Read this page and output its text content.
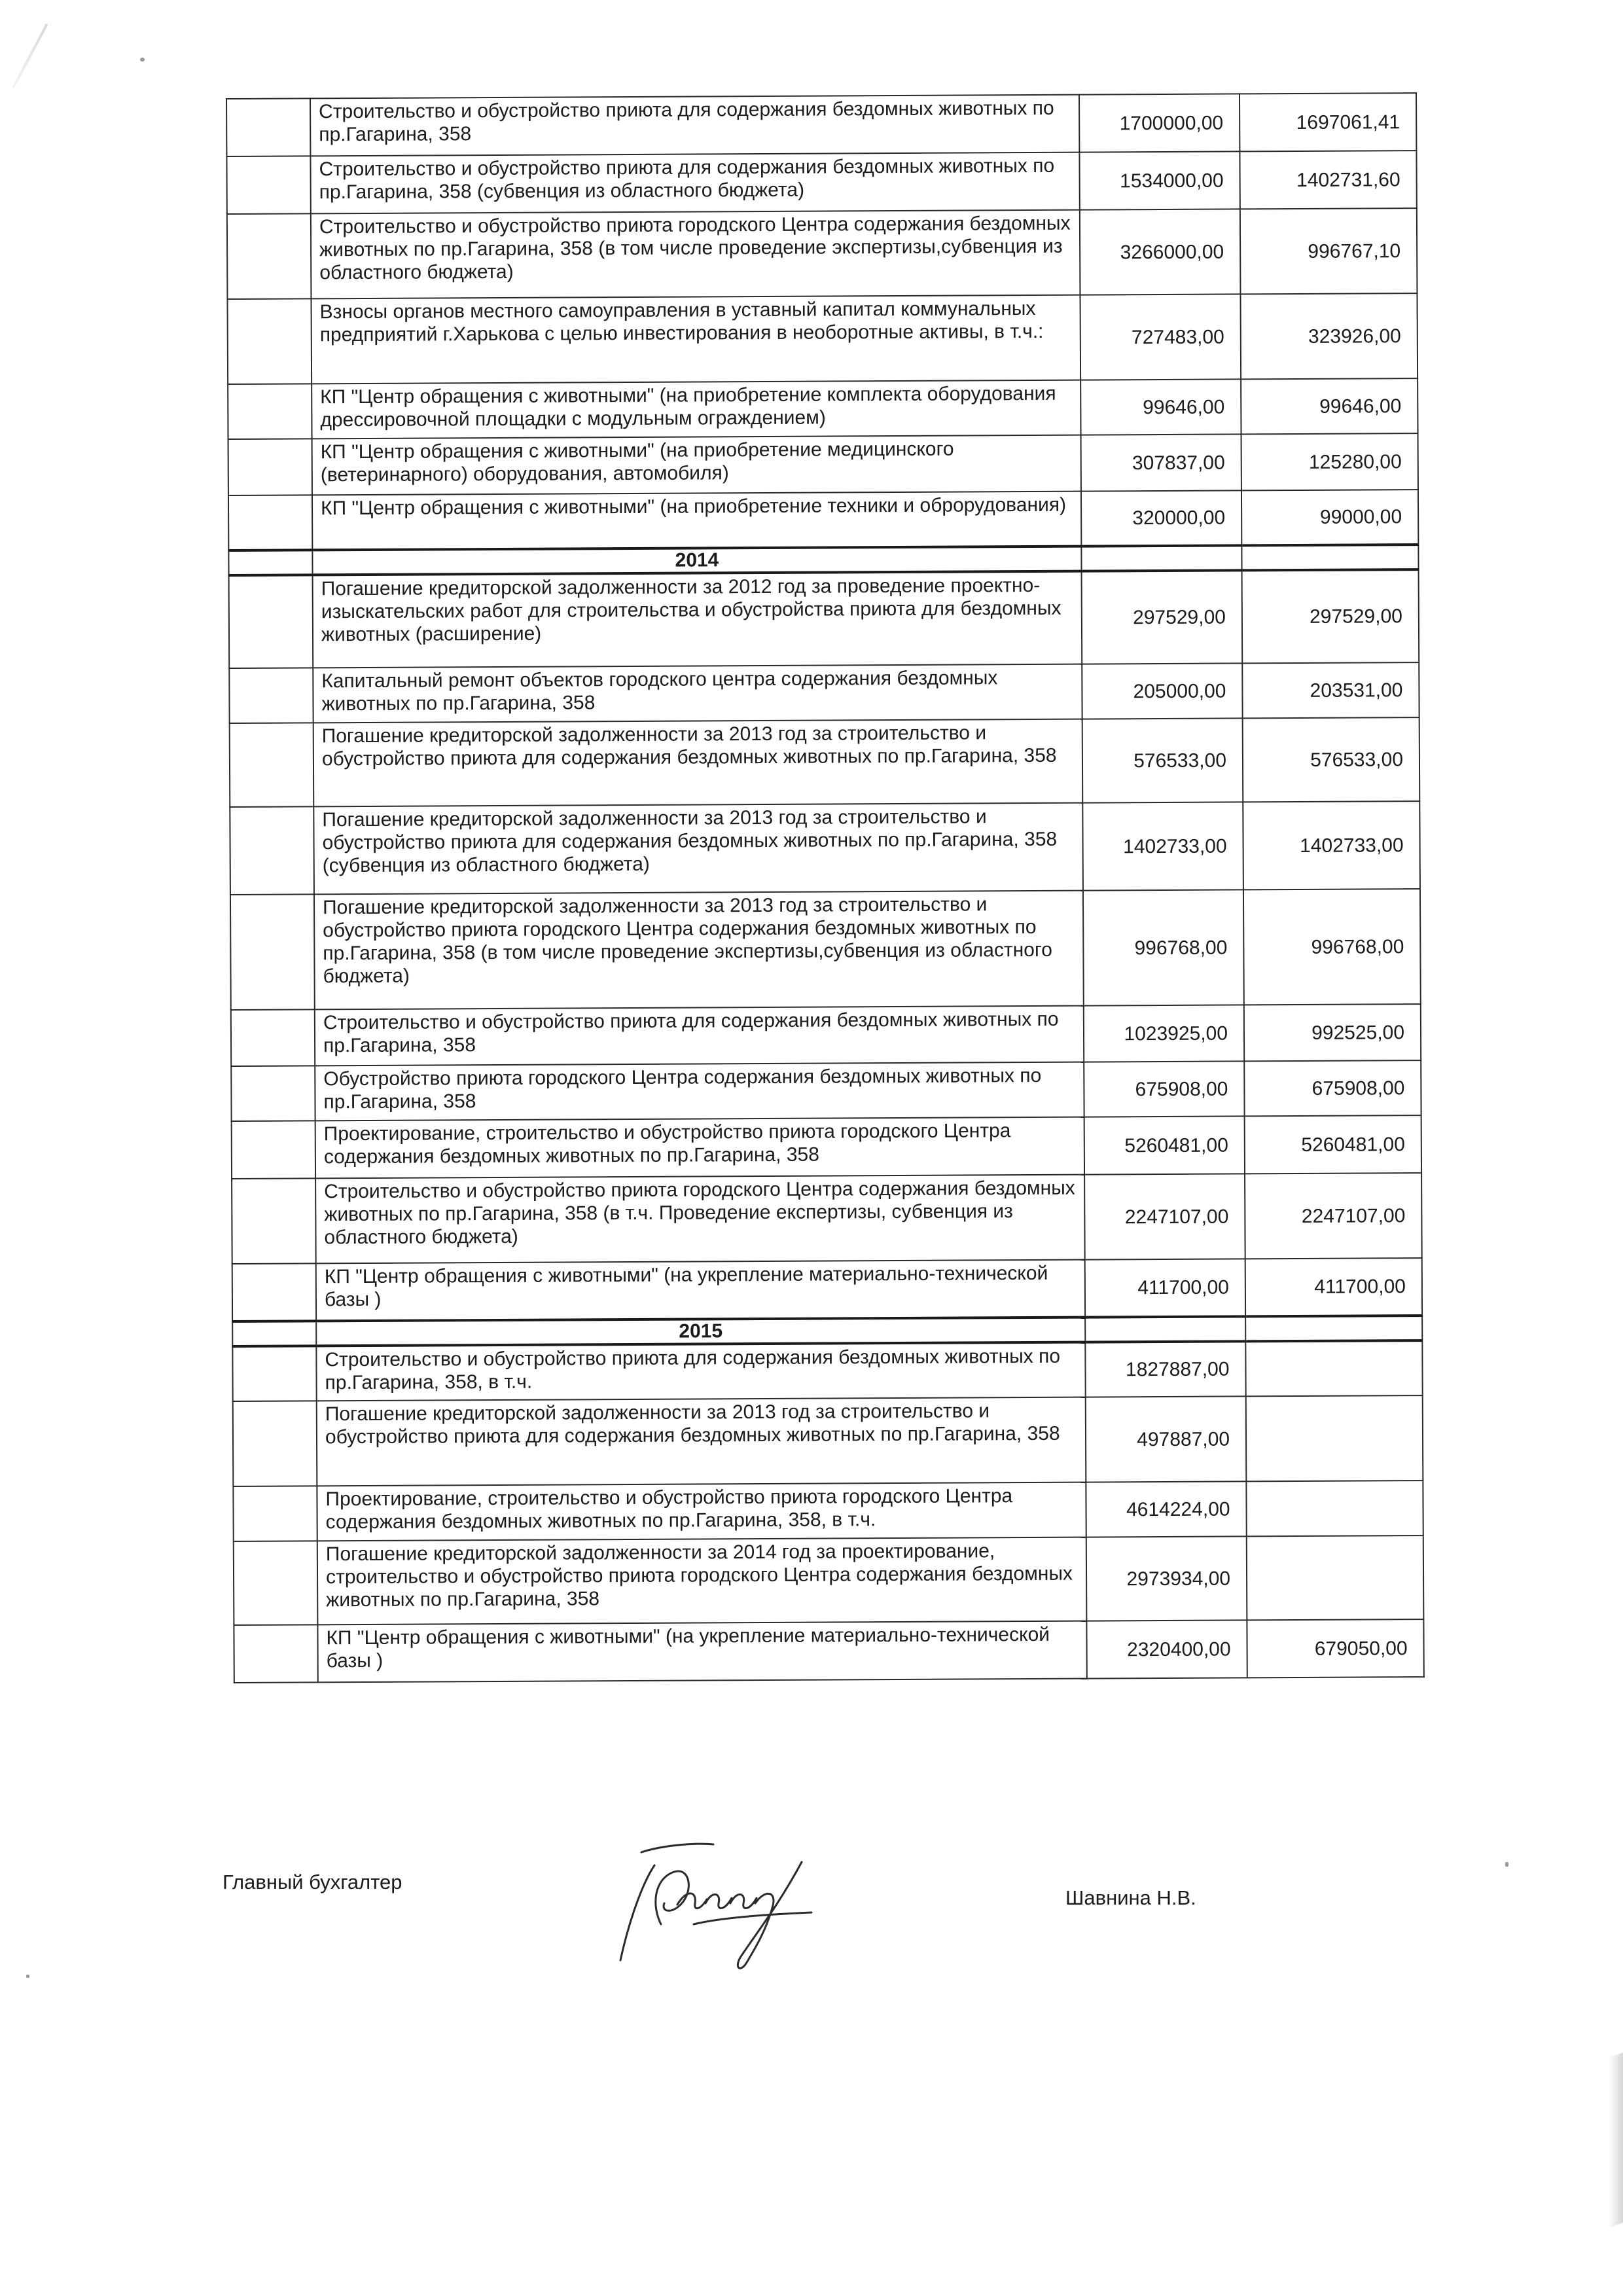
	Строительство и обустройство приюта для содержания бездомных животных по пр.Гагарина, 358	1700000,00	1697061,41
	Строительство и обустройство приюта для содержания бездомных животных по пр.Гагарина, 358 (субвенция из областного бюджета)	1534000,00	1402731,60
	Строительство и обустройство приюта городского Центра содержания бездомных животных по пр.Гагарина, 358 (в том числе проведение экспертизы,субвенция из областного бюджета)	3266000,00	996767,10
	Взносы органов местного самоуправления в уставный капитал коммунальных предприятий г.Харькова с целью инвестирования в необоротные активы, в т.ч.:	727483,00	323926,00
	КП "Центр обращения с животными" (на приобретение комплекта оборудования дрессировочной площадки с модульным ограждением)	99646,00	99646,00
	КП "Центр обращения с животными" (на приобретение медицинского (ветеринарного) оборудования, автомобиля)	307837,00	125280,00
	КП "Центр обращения с животными" (на приобретение техники и оброрудования)	320000,00	99000,00
	2014		
	Погашение кредиторской задолженности за 2012 год за проведение проектно-изыскательских работ для строительства и обустройства приюта для бездомных животных (расширение)	297529,00	297529,00
	Капитальный ремонт объектов городского центра содержания бездомных животных по пр.Гагарина, 358	205000,00	203531,00
	Погашение кредиторской задолженности за 2013 год за строительство и обустройство приюта для содержания бездомных животных по пр.Гагарина, 358	576533,00	576533,00
	Погашение кредиторской задолженности за 2013 год за строительство и обустройство приюта для содержания бездомных животных по пр.Гагарина, 358 (субвенция из областного бюджета)	1402733,00	1402733,00
	Погашение кредиторской задолженности за 2013 год за строительство и обустройство приюта городского Центра содержания бездомных животных по пр.Гагарина, 358 (в том числе проведение экспертизы,субвенция из областного бюджета)	996768,00	996768,00
	Строительство и обустройство приюта для содержания бездомных животных по пр.Гагарина, 358	1023925,00	992525,00
	Обустройство приюта городского Центра содержания бездомных животных по пр.Гагарина, 358	675908,00	675908,00
	Проектирование, строительство и обустройство приюта городского Центра содержания бездомных животных по пр.Гагарина, 358	5260481,00	5260481,00
	Строительство и обустройство приюта городского Центра содержания бездомных животных по пр.Гагарина, 358 (в т.ч. Проведение експертизы, субвенция из областного бюджета)	2247107,00	2247107,00
	КП "Центр обращения с животными" (на укрепление материально-технической базы )	411700,00	411700,00
	2015		
	Строительство и обустройство приюта для содержания бездомных животных по пр.Гагарина, 358, в т.ч.	1827887,00	
	Погашение кредиторской задолженности за 2013 год за строительство и обустройство приюта для содержания бездомных животных по пр.Гагарина, 358	497887,00	
	Проектирование, строительство и обустройство приюта городского Центра содержания бездомных животных по пр.Гагарина, 358, в т.ч.	4614224,00	
	Погашение кредиторской задолженности за 2014 год за проектирование, строительство и обустройство приюта городского Центра содержания бездомных животных по пр.Гагарина, 358	2973934,00	
	КП "Центр обращения с животными" (на укрепление материально-технической базы )	2320400,00	679050,00
Главный бухгалтер
Шавнина Н.В.
